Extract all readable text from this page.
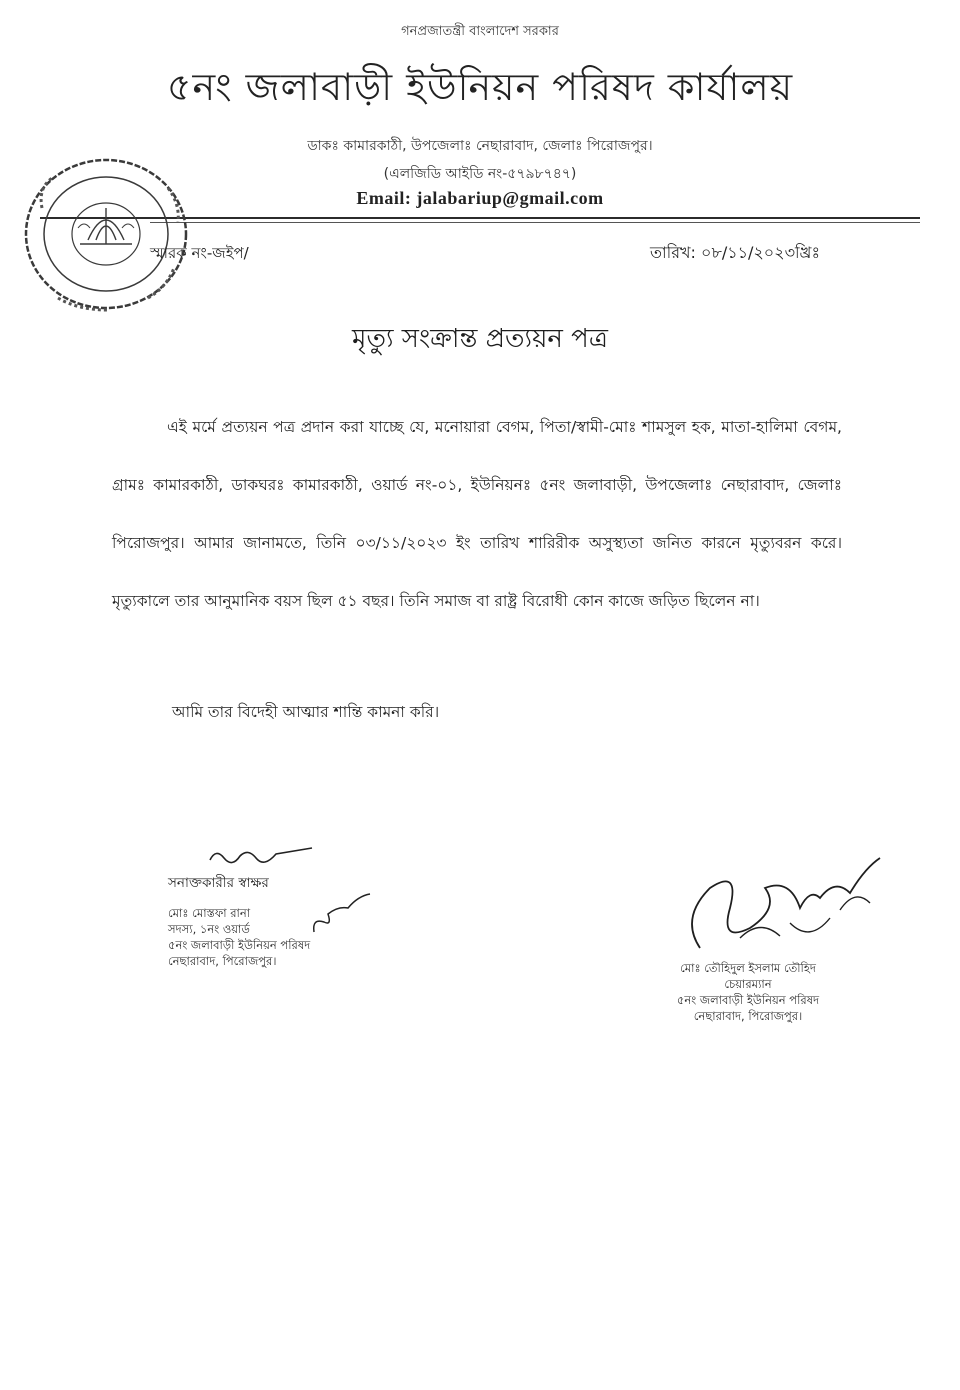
গনপ্রজাতন্ত্রী বাংলাদেশ সরকার
৫নং জলাবাড়ী ইউনিয়ন পরিষদ কার্যালয়
ডাকঃ কামারকাঠী, উপজেলাঃ নেছারাবাদ, জেলাঃ পিরোজপুর।
(এলজিডি আইডি নং-৫৭৯৮৭৪৭)
Email: jalabariup@gmail.com
স্মারক নং-জইপ/	তারিখ: ০৮/১১/২০২৩খ্রিঃ
মৃত্যু সংক্রান্ত প্রত্যয়ন পত্র
এই মর্মে প্রত্যয়ন পত্র প্রদান করা যাচ্ছে যে, মনোয়ারা বেগম, পিতা/স্বামী-মোঃ শামসুল হক, মাতা-হালিমা বেগম, গ্রামঃ কামারকাঠী, ডাকঘরঃ কামারকাঠী, ওয়ার্ড নং-০১, ইউনিয়নঃ ৫নং জলাবাড়ী, উপজেলাঃ নেছারাবাদ, জেলাঃ পিরোজপুর। আমার জানামতে, তিনি ০৩/১১/২০২৩ ইং তারিখ শারিরীক অসুস্থ্যতা জনিত কারনে মৃত্যুবরন করে। মৃত্যুকালে তার আনুমানিক বয়স ছিল ৫১ বছর। তিনি সমাজ বা রাষ্ট্র বিরোধী কোন কাজে জড়িত ছিলেন না।
আমি তার বিদেহী আত্মার শান্তি কামনা করি।
সনাক্তকারীর স্বাক্ষর
মোঃ মোস্তফা রানা
সদস্য, ১নং ওয়ার্ড
৫নং জলাবাড়ী ইউনিয়ন পরিষদ
নেছারাবাদ, পিরোজপুর।	মোঃ তৌহিদুল ইসলাম তৌহিদ
চেয়ারম্যান
৫নং জলাবাড়ী ইউনিয়ন পরিষদ
নেছারাবাদ, পিরোজপুর।
